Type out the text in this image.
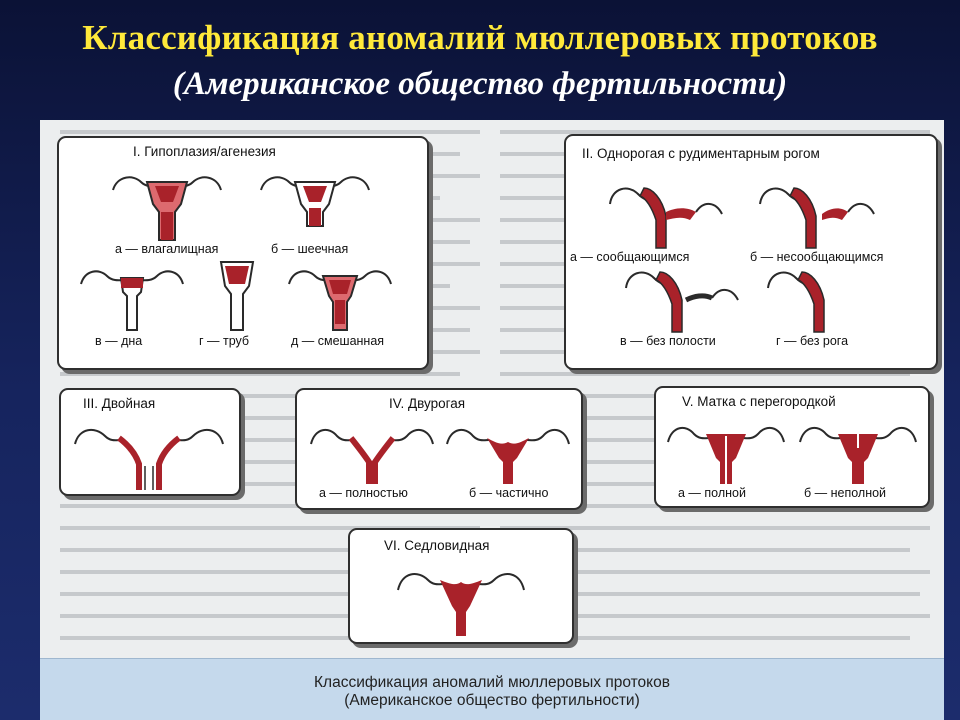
Классификация аномалий мюллеровых протоков
(Американское общество фертильности)
Классификация аномалий мюллеровых протоков
(Американское общество фертильности)
I. Гипоплазия/агенезия
а — влагалищная	б — шеечная
в — дна	г — труб	д — смешанная
II. Однорогая с рудиментарным рогом
а — сообщающимся	б — несообщающимся
в — без полости	г — без рога
III. Двойная	IV. Двурогая
а — полностью	б — частично
V. Матка с перегородкой
а — полной	б — неполной
VI. Седловидная
